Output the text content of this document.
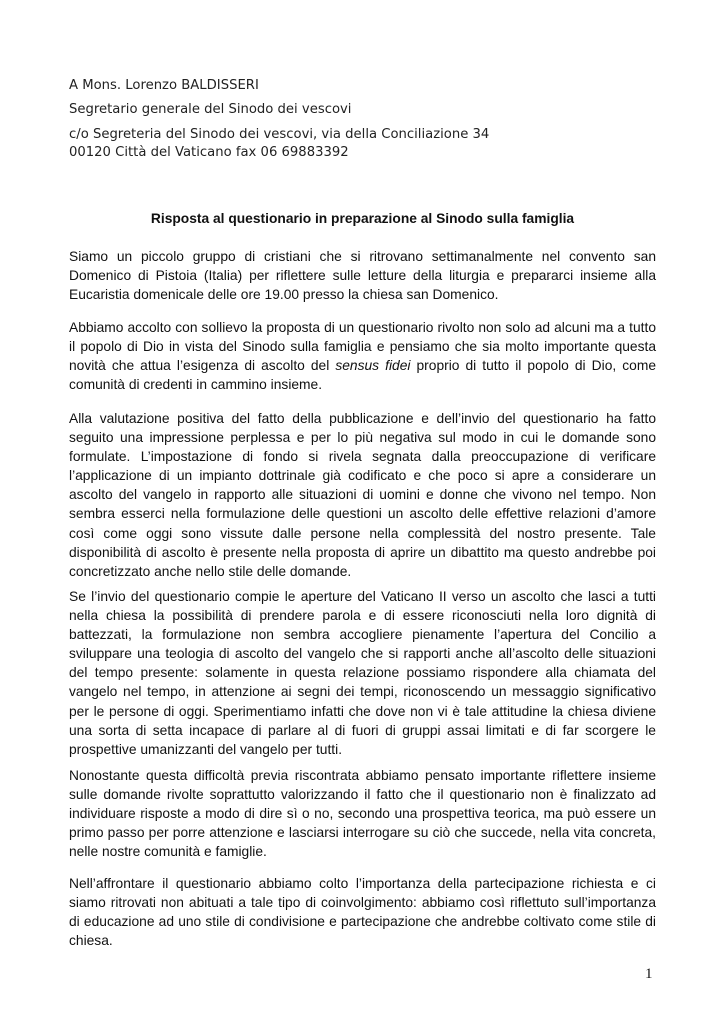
A Mons. Lorenzo BALDISSERI
Segretario generale del Sinodo dei vescovi
c/o Segreteria del Sinodo dei vescovi, via della Conciliazione 34
00120 Città del Vaticano fax 06 69883392
Risposta al questionario in preparazione al Sinodo sulla famiglia

Siamo un piccolo gruppo di cristiani che si ritrovano settimanalmente nel convento san Domenico di Pistoia (Italia) per riflettere sulle letture della liturgia e prepararci insieme alla Eucaristia domenicale delle ore 19.00 presso la chiesa san Domenico.

Abbiamo accolto con sollievo la proposta di un questionario rivolto non solo ad alcuni ma a tutto il popolo di Dio in vista del Sinodo sulla famiglia e pensiamo che sia molto importante questa novità che attua l’esigenza di ascolto del sensus fidei proprio di tutto il popolo di Dio, come comunità di credenti in cammino insieme.

Alla valutazione positiva del fatto della pubblicazione e dell’invio del questionario ha fatto seguito una impressione perplessa e per lo più negativa sul modo in cui le domande sono formulate. L’impostazione di fondo si rivela segnata dalla preoccupazione di verificare l’applicazione di un impianto dottrinale già codificato e che poco si apre a considerare un ascolto del vangelo in rapporto alle situazioni di uomini e donne che vivono nel tempo. Non sembra esserci nella formulazione delle questioni un ascolto delle effettive relazioni d’amore così come oggi sono vissute dalle persone nella complessità del nostro presente. Tale disponibilità di ascolto è presente nella proposta di aprire un dibattito ma questo andrebbe poi concretizzato anche nello stile delle domande.

Se l’invio del questionario compie le aperture del Vaticano II verso un ascolto che lasci a tutti nella chiesa la possibilità di prendere parola e di essere riconosciuti nella loro dignità di battezzati, la formulazione non sembra accogliere pienamente l’apertura del Concilio a sviluppare una teologia di ascolto del vangelo che si rapporti anche all’ascolto delle situazioni del tempo presente: solamente in questa relazione possiamo rispondere alla chiamata del vangelo nel tempo, in attenzione ai segni dei tempi, riconoscendo un messaggio significativo per le persone di oggi. Sperimentiamo infatti che dove non vi è tale attitudine la chiesa diviene una sorta di setta incapace di parlare al di fuori di gruppi assai limitati e di far scorgere le prospettive umanizzanti del vangelo per tutti.

Nonostante questa difficoltà previa riscontrata abbiamo pensato importante riflettere insieme sulle domande rivolte soprattutto valorizzando il fatto che il questionario non è finalizzato ad individuare risposte a modo di dire sì o no, secondo una prospettiva teorica, ma può essere un primo passo per porre attenzione e lasciarsi interrogare su ciò che succede, nella vita concreta, nelle nostre comunità e famiglie.

Nell’affrontare il questionario abbiamo colto l’importanza della partecipazione richiesta e ci siamo ritrovati non abituati a tale tipo di coinvolgimento: abbiamo così riflettuto sull’importanza di educazione ad uno stile di condivisione e partecipazione che andrebbe coltivato come stile di chiesa.

1
